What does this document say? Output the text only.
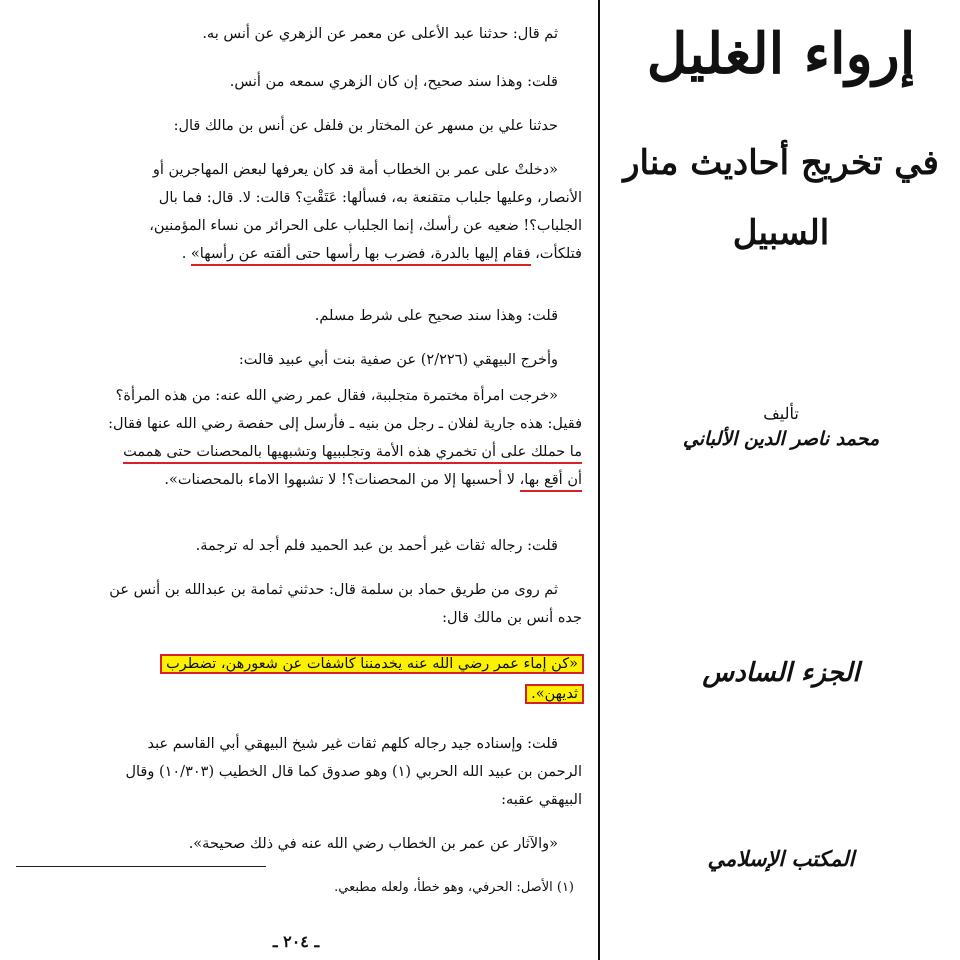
ثم قال: حدثنا عبد الأعلى عن معمر عن الزهري عن أنس به.
قلت: وهذا سند صحيح، إن كان الزهري سمعه من أنس.
حدثنا علي بن مسهر عن المختار بن فلفل عن أنس بن مالك قال:
«دخلتْ على عمر بن الخطاب أمة قد كان يعرفها لبعض المهاجرين أو
الأنصار، وعليها جلباب متقنعة به، فسألها: عَتَقْتِ؟ قالت: لا. قال: فما بال
الجلباب؟! ضعيه عن رأسك، إنما الجلباب على الحرائر من نساء المؤمنين،
فتلكأت، فقام إليها بالدرة، فضرب بها رأسها حتى ألقته عن رأسها» .
قلت: وهذا سند صحيح على شرط مسلم.
وأخرج البيهقي (٢/٢٢٦) عن صفية بنت أبي عبيد قالت:
«خرجت امرأة مختمرة متجلببة، فقال عمر رضي الله عنه: من هذه المرأة؟
فقيل: هذه جارية لفلان ـ رجل من بنيه ـ فأرسل إلى حفصة رضي الله عنها فقال:
ما حملك على أن تخمري هذه الأمة وتجلببيها وتشبهيها بالمحصنات حتى هممت
أن أقع بها، لا أحسبها إلا من المحصنات؟! لا تشبهوا الاماء بالمحصنات».
قلت: رجاله ثقات غير أحمد بن عبد الحميد فلم أجد له ترجمة.
ثم روى من طريق حماد بن سلمة قال: حدثني ثمامة بن عبدالله بن أنس عن
جده أنس بن مالك قال:
«كن إماء عمر رضي الله عنه يخدمننا كاشفات عن شعورهن، تضطرب
ثديهن».
قلت: وإسناده جيد رجاله كلهم ثقات غير شيخ البيهقي أبي القاسم عبد
الرحمن بن عبيد الله الحربي (١) وهو صدوق كما قال الخطيب (١٠/٣٠٣) وقال
البيهقي عقبه:
«والآثار عن عمر بن الخطاب رضي الله عنه في ذلك صحيحة».
(١) الأصل: الحرفي، وهو خطأ، ولعله مطبعي.
ـ ٢٠٤ ـ
إرواء الغليل
في تخريج أحاديث منار السبيل
تأليف
محمد ناصر الدين الألباني
الجزء السادس
المكتب الإسلامي
